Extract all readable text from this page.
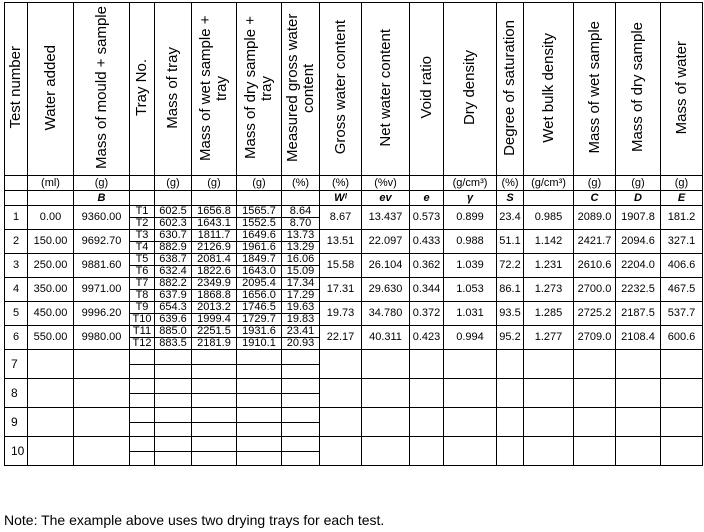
Test number	Water added	Mass of mould + sample	Tray No.	Mass of tray	Mass of wet sample + tray	Mass of dry sample + tray	Measured gross water content	Gross water content	Net water content	Void ratio	Dry density	Degree of saturation	Wet bulk density	Mass of wet sample	Mass of dry sample	Mass of water
	(ml)	(g)		(g)	(g)	(g)	(%)	(%)	(%v)		(g/cm³)	(%)	(g/cm³)	(g)	(g)	(g)
		B						Wᴵ	ev	e	γ	S		C	D	E
1	0.00	9360.00	T1	602.5	1656.8	1565.7	8.64	8.67	13.437	0.573	0.899	23.4	0.985	2089.0	1907.8	181.2
			T2	602.3	1643.1	1552.5	8.70									
2	150.00	9692.70	T3	630.7	1811.7	1649.6	13.73	13.51	22.097	0.433	0.988	51.1	1.142	2421.7	2094.6	327.1
			T4	882.9	2126.9	1961.6	13.29									
3	250.00	9881.60	T5	638.7	2081.4	1849.7	16.06	15.58	26.104	0.362	1.039	72.2	1.231	2610.6	2204.0	406.6
			T6	632.4	1822.6	1643.0	15.09									
4	350.00	9971.00	T7	882.2	2349.9	2095.4	17.34	17.31	29.630	0.344	1.053	86.1	1.273	2700.0	2232.5	467.5
			T8	637.9	1868.8	1656.0	17.29									
5	450.00	9996.20	T9	654.3	2013.2	1746.5	19.63	19.73	34.780	0.372	1.031	93.5	1.285	2725.2	2187.5	537.7
			T10	639.6	1999.4	1729.7	19.83									
6	550.00	9980.00	T11	885.0	2251.5	1931.6	23.41	22.17	40.311	0.423	0.994	95.2	1.277	2709.0	2108.4	600.6
			T12	883.5	2181.9	1910.1	20.93									
7																

8																

9																

10																

Note: The example above uses two drying trays for each test.
